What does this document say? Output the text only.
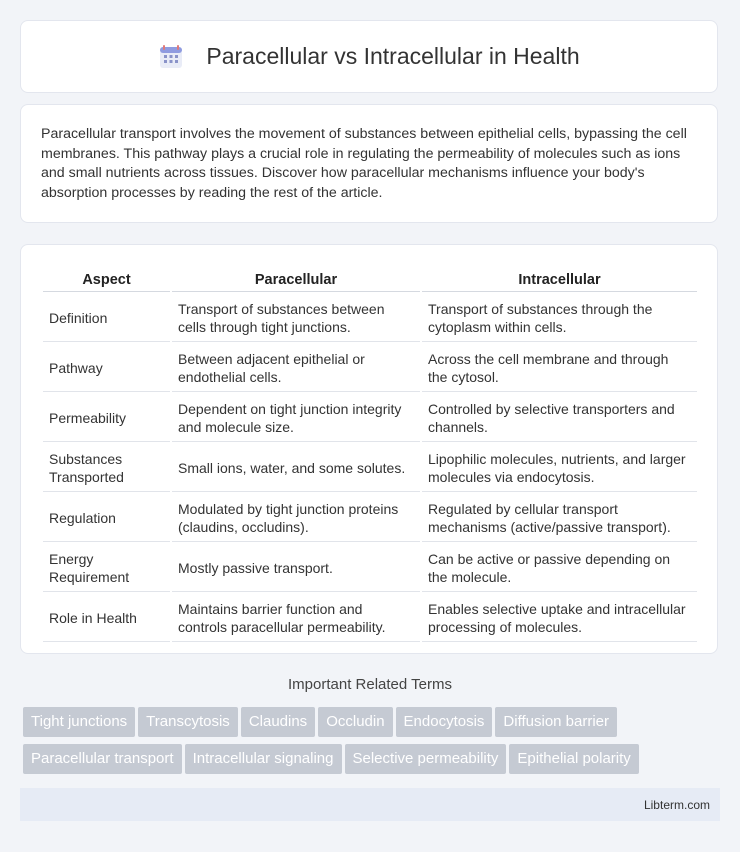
Paracellular vs Intracellular in Health

Paracellular transport involves the movement of substances between epithelial cells, bypassing the cell membranes. This pathway plays a crucial role in regulating the permeability of molecules such as ions and small nutrients across tissues. Discover how paracellular mechanisms influence your body's absorption processes by reading the rest of the article.

Aspect	Paracellular	Intracellular
Definition	Transport of substances between cells through tight junctions.	Transport of substances through the cytoplasm within cells.
Pathway	Between adjacent epithelial or endothelial cells.	Across the cell membrane and through the cytosol.
Permeability	Dependent on tight junction integrity and molecule size.	Controlled by selective transporters and channels.
Substances Transported	Small ions, water, and some solutes.	Lipophilic molecules, nutrients, and larger molecules via endocytosis.
Regulation	Modulated by tight junction proteins (claudins, occludins).	Regulated by cellular transport mechanisms (active/passive transport).
Energy Requirement	Mostly passive transport.	Can be active or passive depending on the molecule.
Role in Health	Maintains barrier function and controls paracellular permeability.	Enables selective uptake and intracellular processing of molecules.
Important Related Terms
Tight junctions Transcytosis Claudins Occludin Endocytosis Diffusion barrier
Paracellular transport Intracellular signaling Selective permeability Epithelial polarity
Libterm.com
